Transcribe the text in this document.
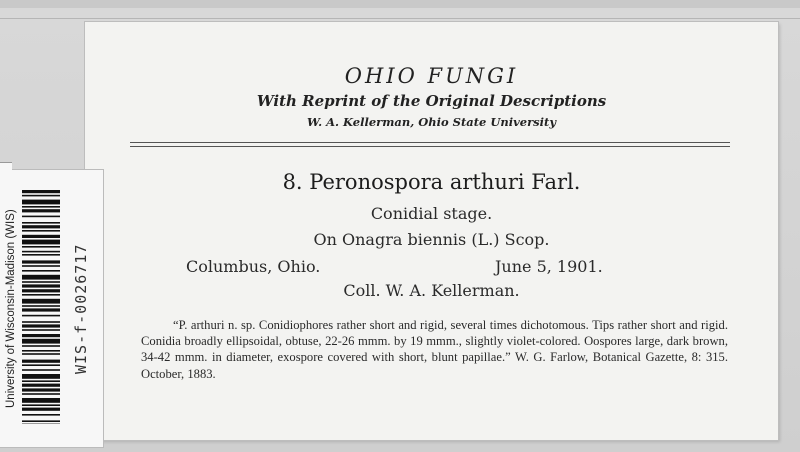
OHIO FUNGI
With Reprint of the Original Descriptions
W. A. Kellerman, Ohio State University
8. Peronospora arthuri Farl.
Conidial stage.
On Onagra biennis (L.) Scop.
Columbus, Ohio.	June 5, 1901.
Coll. W. A. Kellerman.
“P. arthuri n. sp. Conidiophores rather short and rigid, several times dichotomous. Tips rather short and rigid. Conidia broadly ellipsoidal, obtuse, 22-26 mmm. by 19 mmm., slightly violet-colored. Oospores large, dark brown, 34-42 mmm. in diameter, exospore covered with short, blunt papillae.” W. G. Farlow, Botanical Gazette, 8: 315. October, 1883.
University of Wisconsin-Madison (WIS)	WIS-f-0026717
